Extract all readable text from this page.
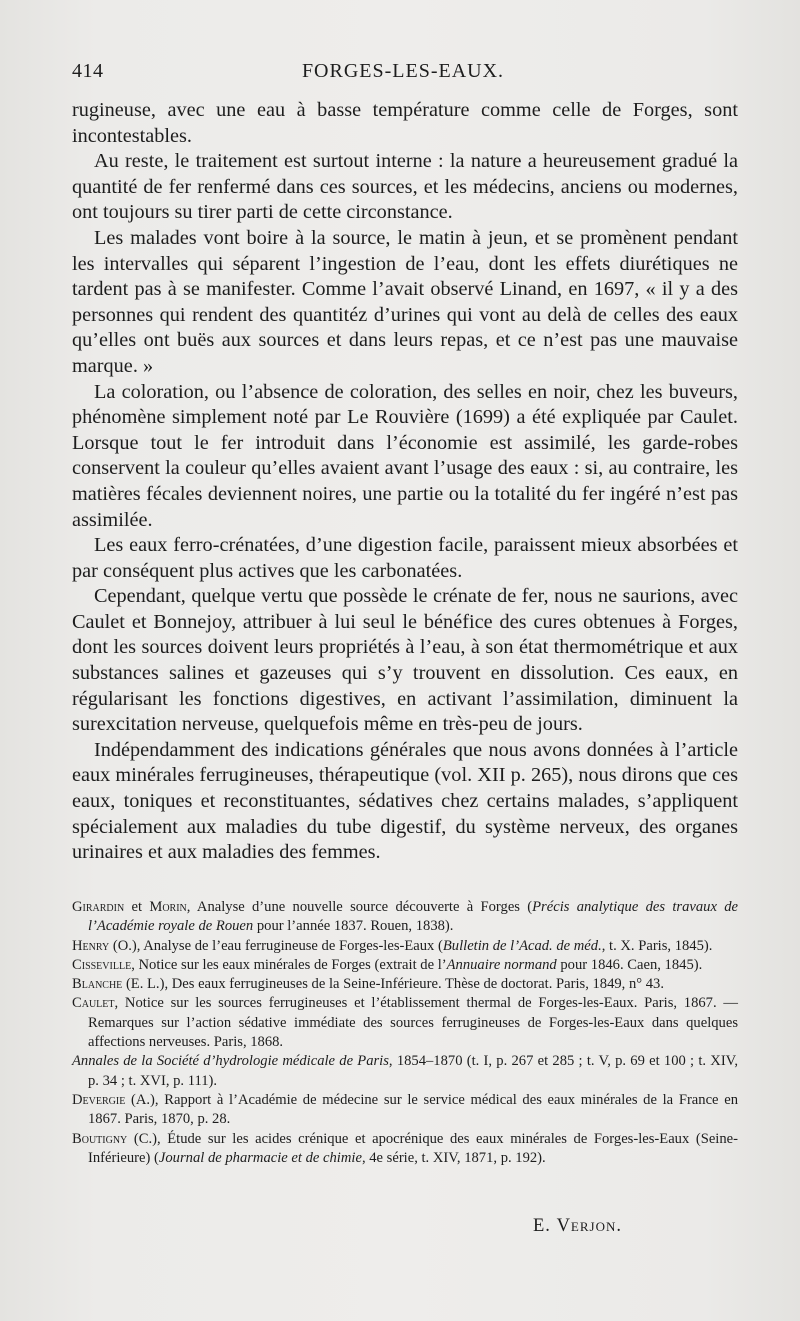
414	FORGES-LES-EAUX.

rugineuse, avec une eau à basse température comme celle de Forges, sont incontestables.

Au reste, le traitement est surtout interne : la nature a heureusement gradué la quantité de fer renfermé dans ces sources, et les médecins, anciens ou modernes, ont toujours su tirer parti de cette circonstance.

Les malades vont boire à la source, le matin à jeun, et se promènent pendant les intervalles qui séparent l’ingestion de l’eau, dont les effets diurétiques ne tardent pas à se manifester. Comme l’avait observé Linand, en 1697, « il y a des personnes qui rendent des quantitéz d’urines qui vont au delà de celles des eaux qu’elles ont buës aux sources et dans leurs repas, et ce n’est pas une mauvaise marque. »

La coloration, ou l’absence de coloration, des selles en noir, chez les buveurs, phénomène simplement noté par Le Rouvière (1699) a été expliquée par Caulet. Lorsque tout le fer introduit dans l’économie est assimilé, les garde-robes conservent la couleur qu’elles avaient avant l’usage des eaux : si, au contraire, les matières fécales deviennent noires, une partie ou la totalité du fer ingéré n’est pas assimilée.

Les eaux ferro-crénatées, d’une digestion facile, paraissent mieux absorbées et par conséquent plus actives que les carbonatées.

Cependant, quelque vertu que possède le crénate de fer, nous ne saurions, avec Caulet et Bonnejoy, attribuer à lui seul le bénéfice des cures obtenues à Forges, dont les sources doivent leurs propriétés à l’eau, à son état thermométrique et aux substances salines et gazeuses qui s’y trouvent en dissolution. Ces eaux, en régularisant les fonctions digestives, en activant l’assimilation, diminuent la surexcitation nerveuse, quelquefois même en très-peu de jours.

Indépendamment des indications générales que nous avons données à l’article eaux minérales ferrugineuses, thérapeutique (vol. XII p. 265), nous dirons que ces eaux, toniques et reconstituantes, sédatives chez certains malades, s’appliquent spécialement aux maladies du tube digestif, du système nerveux, des organes urinaires et aux maladies des femmes.

Girardin et Morin, Analyse d’une nouvelle source découverte à Forges (Précis analytique des travaux de l’Académie royale de Rouen pour l’année 1837. Rouen, 1838).

Henry (O.), Analyse de l’eau ferrugineuse de Forges-les-Eaux (Bulletin de l’Acad. de méd., t. X. Paris, 1845).

Cisseville, Notice sur les eaux minérales de Forges (extrait de l’Annuaire normand pour 1846. Caen, 1845).

Blanche (E. L.), Des eaux ferrugineuses de la Seine-Inférieure. Thèse de doctorat. Paris, 1849, n° 43.

Caulet, Notice sur les sources ferrugineuses et l’établissement thermal de Forges-les-Eaux. Paris, 1867. — Remarques sur l’action sédative immédiate des sources ferrugineuses de Forges-les-Eaux dans quelques affections nerveuses. Paris, 1868.

Annales de la Société d’hydrologie médicale de Paris, 1854–1870 (t. I, p. 267 et 285 ; t. V, p. 69 et 100 ; t. XIV, p. 34 ; t. XVI, p. 111).

Devergie (A.), Rapport à l’Académie de médecine sur le service médical des eaux minérales de la France en 1867. Paris, 1870, p. 28.

Boutigny (C.), Étude sur les acides crénique et apocrénique des eaux minérales de Forges-les-Eaux (Seine-Inférieure) (Journal de pharmacie et de chimie, 4e série, t. XIV, 1871, p. 192).

E. Verjon.
